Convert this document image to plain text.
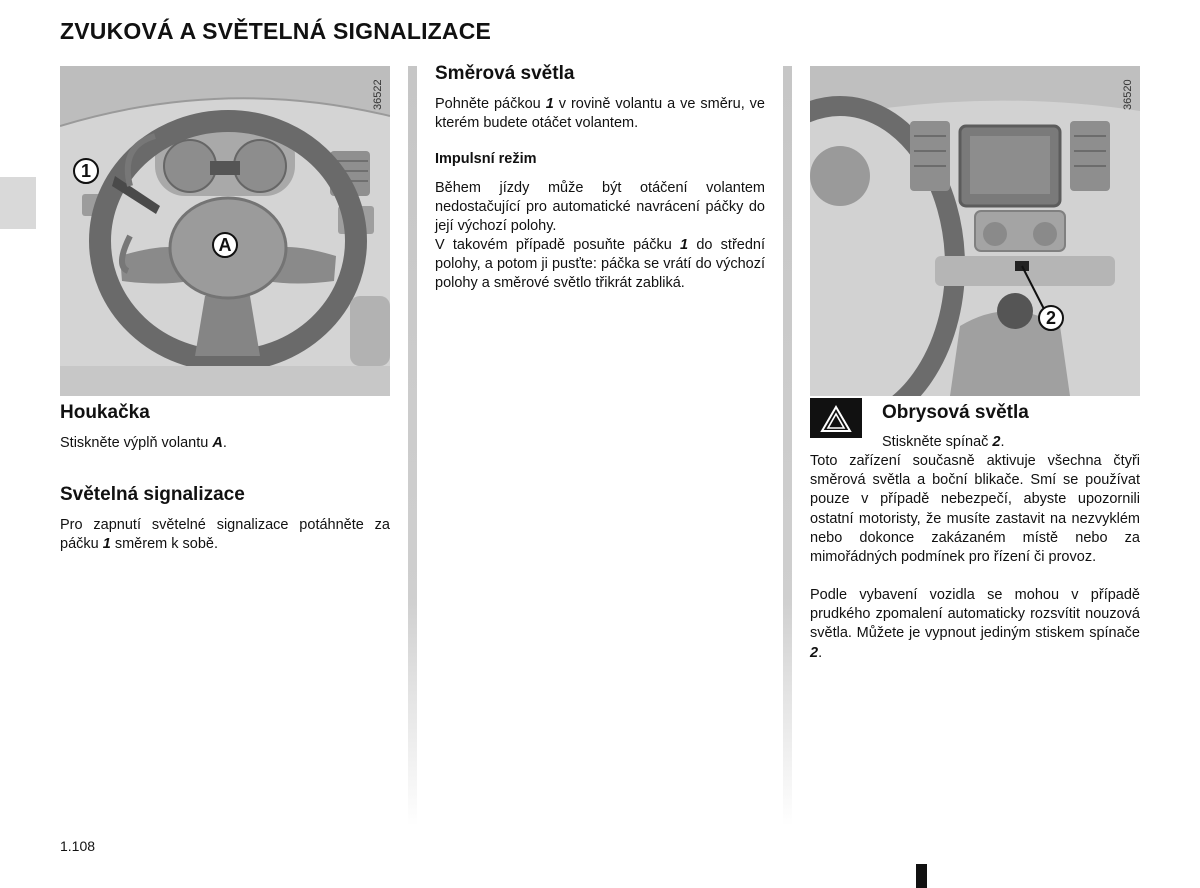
ZVUKOVÁ A SVĚTELNÁ SIGNALIZACE
36522
1
A
36520
2
Houkačka

Stiskněte výplň volantu A.

Světelná signalizace

Pro zapnutí světelné signalizace potáhněte za páčku 1 směrem k sobě.

Směrová světla

Pohněte páčkou 1 v rovině volantu a ve směru, ve kterém budete otáčet volantem.

Impulsní režim

Během jízdy může být otáčení volantem nedostačující pro automatické navrácení páčky do její výchozí polohy.

V takovém případě posuňte páčku 1 do střední polohy, a potom ji pusťte: páčka se vrátí do výchozí polohy a směrové světlo třikrát zabliká.

Obrysová světla

Stiskněte spínač 2.

Toto zařízení současně aktivuje všechna čtyři směrová světla a boční blikače. Smí se používat pouze v případě nebezpečí, abyste upozornili ostatní motoristy, že musíte zastavit na nezvyklém nebo dokonce zakázaném místě nebo za mimořádných podmínek pro řízení či provoz.

Podle vybavení vozidla se mohou v případě prudkého zpomalení automaticky rozsvítit nouzová světla. Můžete je vypnout jediným stiskem spínače 2.

1.108
